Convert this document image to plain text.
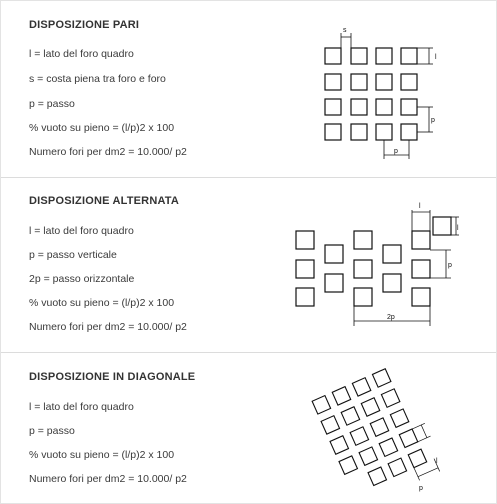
DISPOSIZIONE PARI
l = lato del foro quadro
s = costa piena tra foro e foro
p = passo
% vuoto su pieno = (l/p)2 x 100
Numero fori per dm2 = 10.000/ p2
s
l
p
p
DISPOSIZIONE ALTERNATA
l = lato del foro quadro
p = passo verticale
2p = passo orizzontale
% vuoto su pieno = (l/p)2 x 100
Numero fori per dm2 = 10.000/ p2
l
l
p
2p
DISPOSIZIONE IN DIAGONALE
l = lato del foro quadro
p = passo
% vuoto su pieno = (l/p)2 x 100
Numero fori per dm2 = 10.000/ p2
l
p
